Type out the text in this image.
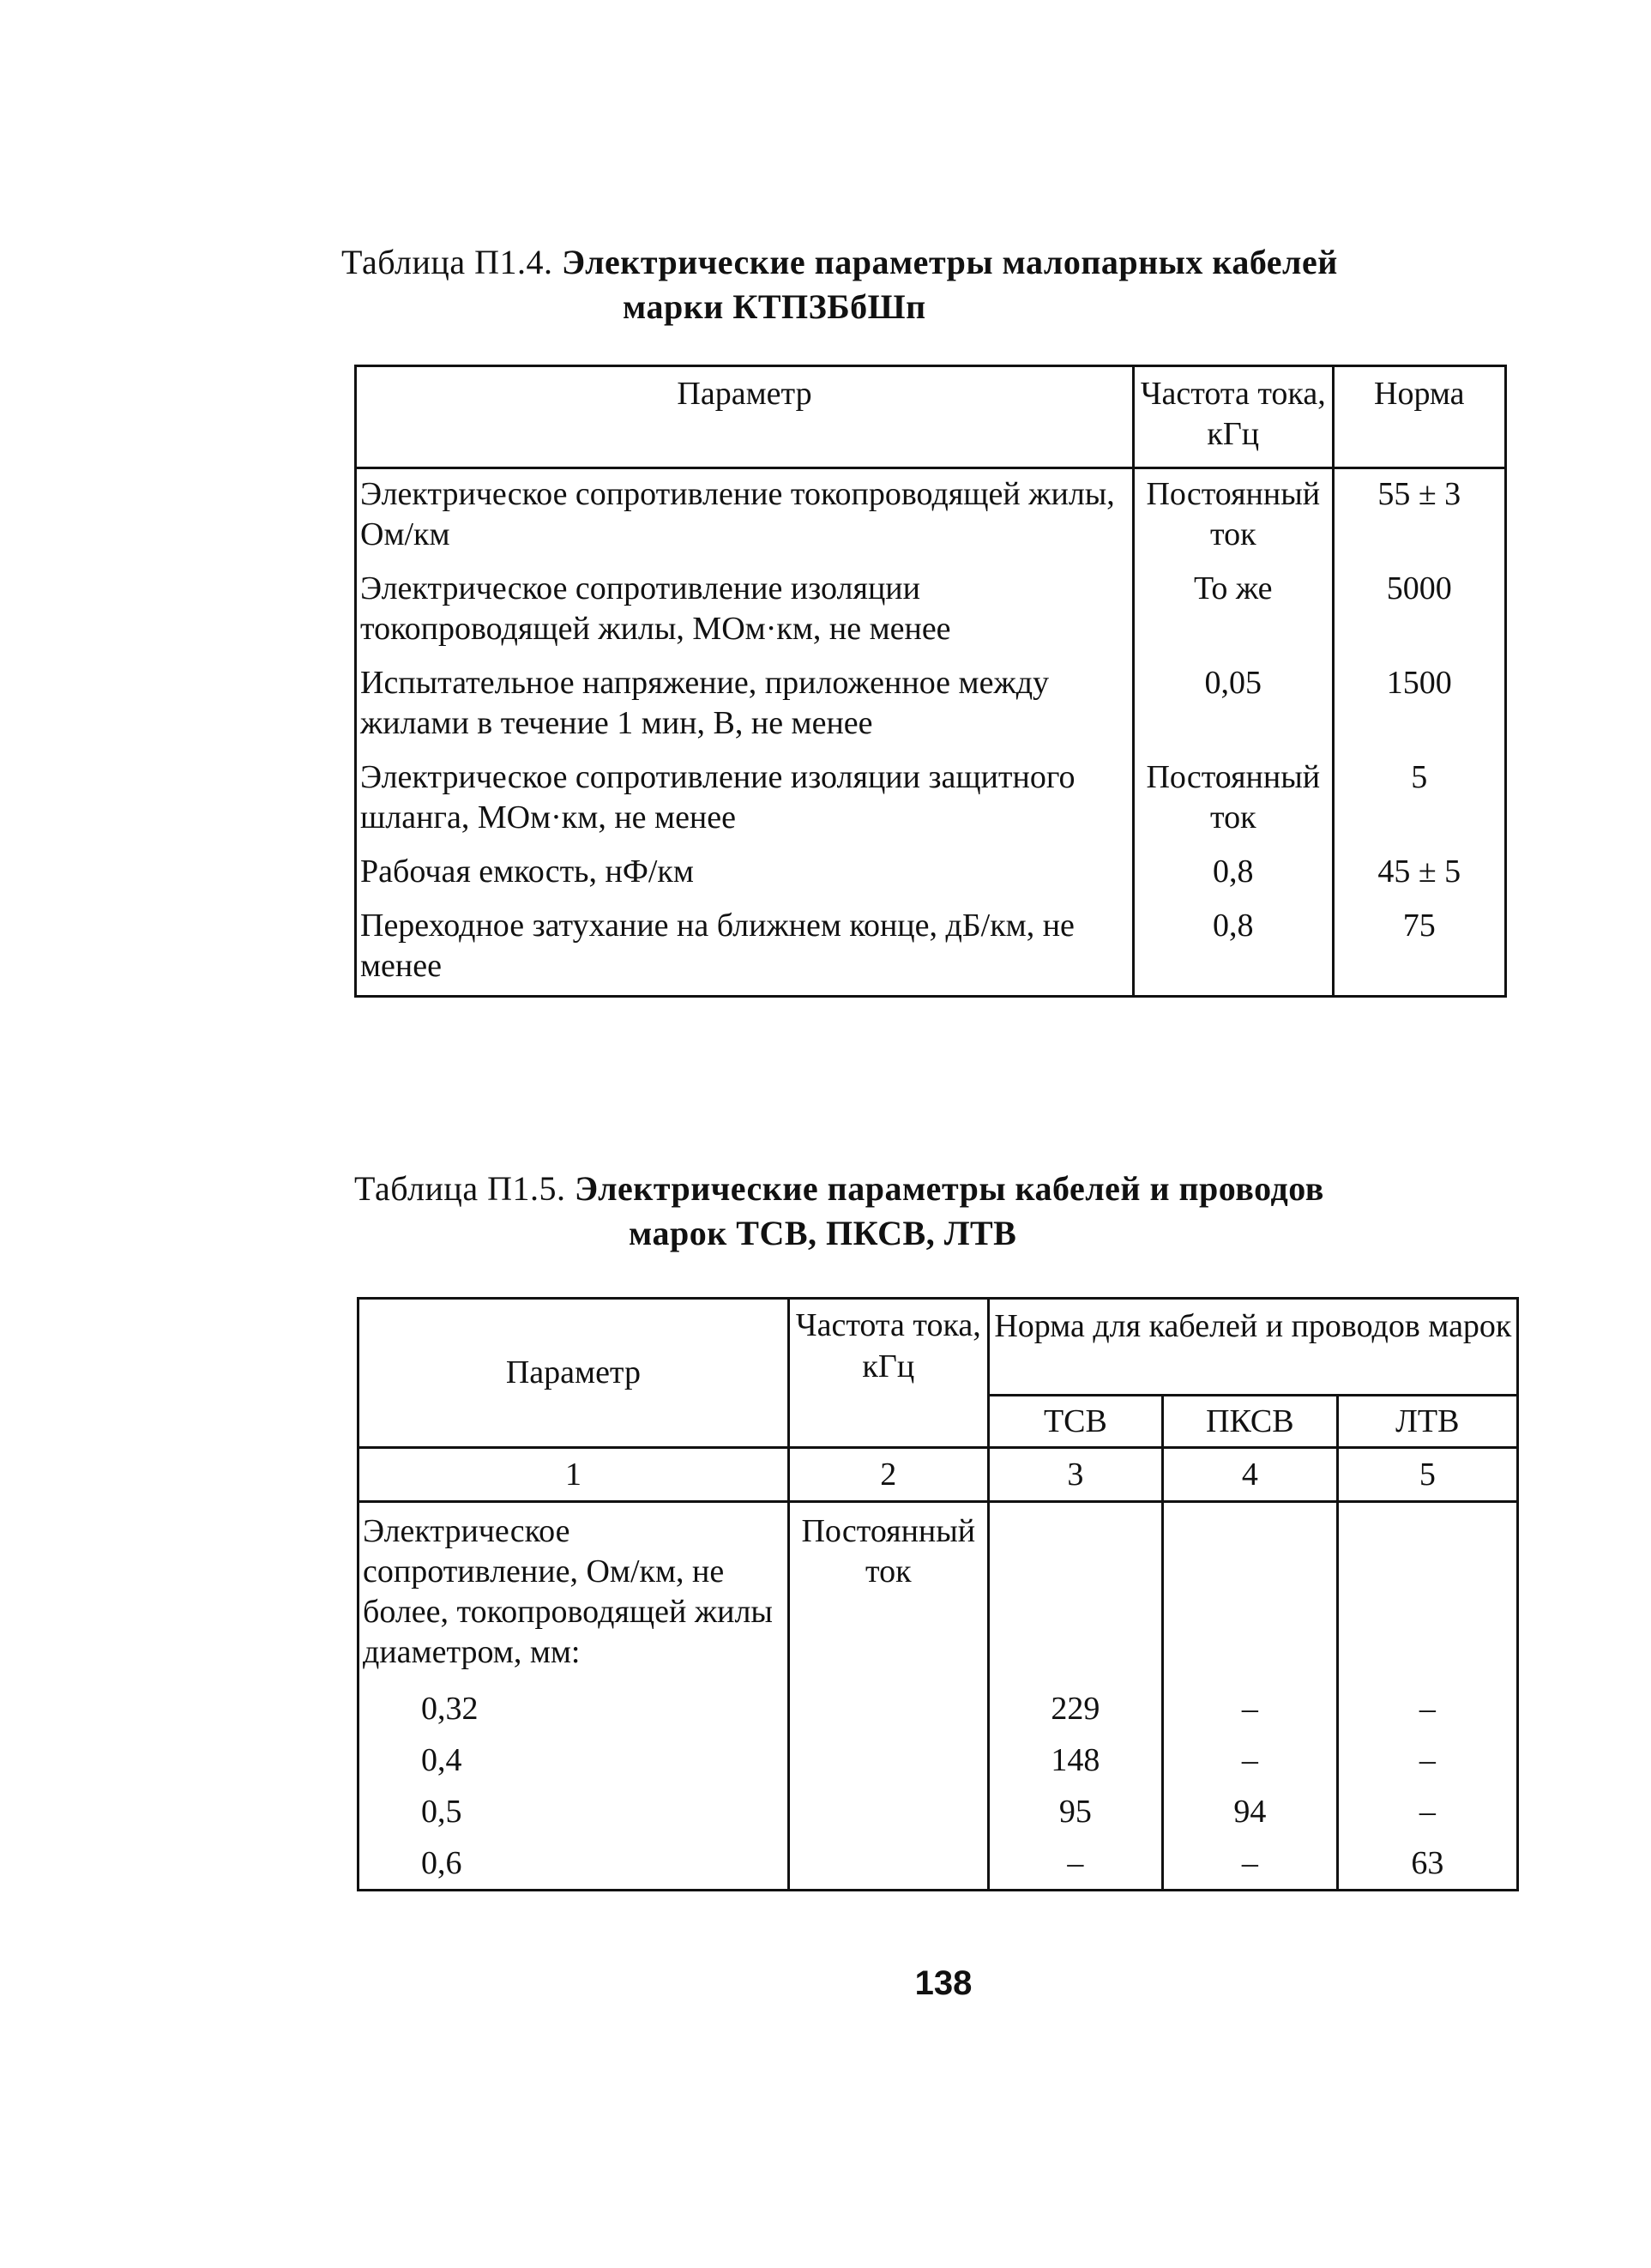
Таблица П1.4. Электрические параметры малопарных кабелей
марки КТПЗБбШп
Параметр	Частота тока, кГц	Норма
Электрическое сопротивление токопроводящей жилы, Ом/км	Постоянный ток	55 ± 3
Электрическое сопротивление изоляции токопроводящей жилы, МОм·км, не менее	То же	5000
Испытательное напряжение, приложенное между жилами в течение 1 мин, В, не менее	0,05	1500
Электрическое сопротивление изоляции защитного шланга, МОм·км, не менее	Постоянный ток	5
Рабочая емкость, нФ/км	0,8	45 ± 5
Переходное затухание на ближнем конце, дБ/км, не менее	0,8	75
Таблица П1.5. Электрические параметры кабелей и проводов
марок ТСВ, ПКСВ, ЛТВ
Параметр	Частота тока, кГц	Норма для кабелей и проводов марок		
		ТСВ	ПКСВ	ЛТВ
1	2	3	4	5
Электрическое сопротивление, Ом/км, не более, токопроводящей жилы диаметром, мм:	Постоянный ток			
0,32		229	–	–
0,4		148	–	–
0,5		95	94	–
0,6		–	–	63
138
